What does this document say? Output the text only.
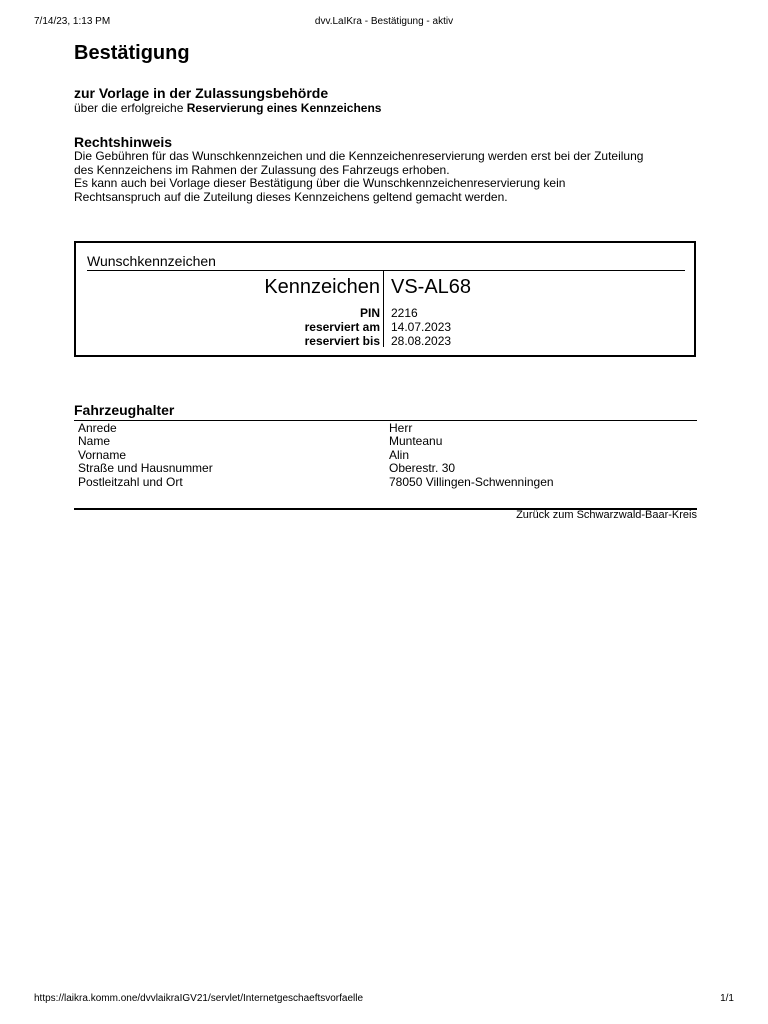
7/14/23, 1:13 PM	dvv.LaIKra - Bestätigung - aktiv
Bestätigung
zur Vorlage in der Zulassungsbehörde
über die erfolgreiche Reservierung eines Kennzeichens
Rechtshinweis
Die Gebühren für das Wunschkennzeichen und die Kennzeichenreservierung werden erst bei der Zuteilung
des Kennzeichens im Rahmen der Zulassung des Fahrzeugs erhoben.
Es kann auch bei Vorlage dieser Bestätigung über die Wunschkennzeichenreservierung kein
Rechtsanspruch auf die Zuteilung dieses Kennzeichens geltend gemacht werden.
Wunschkennzeichen
Kennzeichen VS-AL68
PIN 2216
reserviert am 14.07.2023
reserviert bis 28.08.2023
Fahrzeughalter
Anrede	Herr
Name	Munteanu
Vorname	Alin
Straße und Hausnummer	Oberestr. 30
Postleitzahl und Ort	78050 Villingen-Schwenningen
Zurück zum Schwarzwald-Baar-Kreis
https://laikra.komm.one/dvvlaikraIGV21/servlet/Internetgeschaeftsvorfaelle	1/1
